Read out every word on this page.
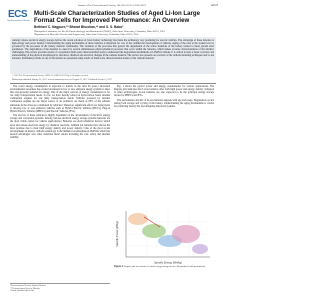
Journal of The Electrochemical Society, 164 (12) A2513-A2526 (2017)	A2513
ECS
The Electrochemical Society
Multi-Scale Characterization Studies of Aged Li-Ion Large Format Cells for Improved Performance: An Overview
Bethlael C. Nagpure,¹* Bharat Bhushan,¹* and S. S. Babu²
¹Nanoprobe Laboratory for Bio & Nanotechnology and Biomimetics (NLB2), Ohio State University, Columbus, Ohio 43210, USA
²Department of Materials Science and Engineering, Ohio State University, Columbus, Ohio 43210, USA
Among various electrical energy storage devices the recent advances of li-ion battery technology has made the technology very promising for electric vehicles. The advantage of these batteries is high energy and power density. Understanding the aging mechanisms of these batteries is important for cost of the commercial development of vehicles. Aging of the cells at the system level is governed by the processes in the battery material constituents. The variation of the processes that govern the degradation of the active materials of the battery related to these system level parameters. The degradation of the material is caused by several simultaneous physicochemical processes that occur within the batteries, which makes accurate characterization of the intrinsic challenging. This review provides results of a systematic multi-scale characterization study to understand the degradation mechanisms at LiFePO4 cathode. It is critical to have a better overview and understanding of the physical morphological, structural, chemical and electrical changes in the cathode material. The review also presents an overview of the cathode modeling techniques and Li-ion batteries. Preliminary results of one of the models are presented using results of multi-scale characterization studies of the cathode material.
© 2017 The Electrochemical Society. [DOI: 10.1149/2.0121712jes] All rights reserved.
Manuscript submitted January 30, 2017; revised manuscript received August 22, 2017. Published October 3, 2017.

The world energy consumption is expected to double in the next 50 years.¹ Increased environmental awareness has created an interest in low or zero emission energy systems to meet this ever-growing demand for energy. One of the major sources of energy consumption is for our daily transportation needs. So far, we have heavily relied on hydrocarbon based internal combustion engines for our daily transportation needs. Vehicles powered by internal combustion engines are the major source of air pollution. As much as 80% of the exhaust emissions in the cities are contributed by vehicles.² Therefore, significant efforts are being made to develop low or zero emission vehicles such as Hybrid Electric Vehicles (HEVs), Plug-in Hybrid Electric Vehicles (PHEVs) and Electric Vehicles (EVs).

The success of these vehicles is highly dependent on the development of electrical energy storage and conversion systems. Among various electrical energy storage systems batteries are the most viable option for vehicle applications.³ Batteries are electrochemical devices which store and release electrical energy by chemical reactions. Lithium ion batteries have shown the most promise due to their high energy density and power density.⁴ One of the most recent developments in battery cathode technology is the lithium iron phosphate (LiFePO4) which has several advantages over other transition metal oxides including the cost, safety and thermal stability.

Fig. 1 shows the typical power and energy requirements for various applications. The Ragone plot indicates that Li-ion batteries offer both high power and energy density compared to other technologies. Li-ion batteries are also expected to be the principal energy storage device for PHEVs and EVs.

The performance and life of Li-ion batteries degrade with age and usage. Degradation occurs during both storage and cycling of the battery. Understanding the aging mechanisms is crucial for predicting battery life and designing improved systems.

Specific Energy (Wh/kg)
Specific Power (W/kg)
Figure 1. Ragone plot for various electrical energy storage devices (Reproduced with permission).
*Electrochemical Society Student Member.
**Electrochemical Society Member.
ᶻE-mail: bhushan.2@osu.edu
